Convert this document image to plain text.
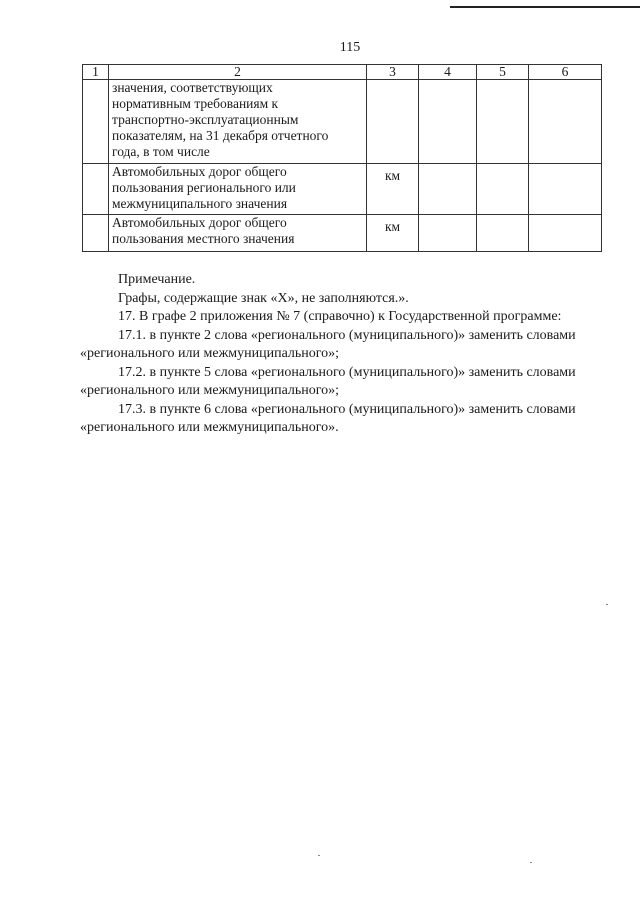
115
1	2	3	4	5	6

	значения, соответствующих
нормативным требованиям к
транспортно-эксплуатационным
показателям, на 31 декабря отчетного
года, в том числе				

	Автомобильных дорог общего
пользования регионального или
межмуниципального значения	км			

	Автомобильных дорог общего
пользования местного значения	км			

Примечание.

Графы, содержащие знак «Х», не заполняются.».

17. В графе 2 приложения № 7 (справочно) к Государственной программе:

17.1. в пункте 2 слова «регионального (муниципального)» заменить словами «регионального или межмуниципального»;

17.2. в пункте 5 слова «регионального (муниципального)» заменить словами «регионального или межмуниципального»;

17.3. в пункте 6 слова «регионального (муниципального)» заменить словами «регионального или межмуниципального».
